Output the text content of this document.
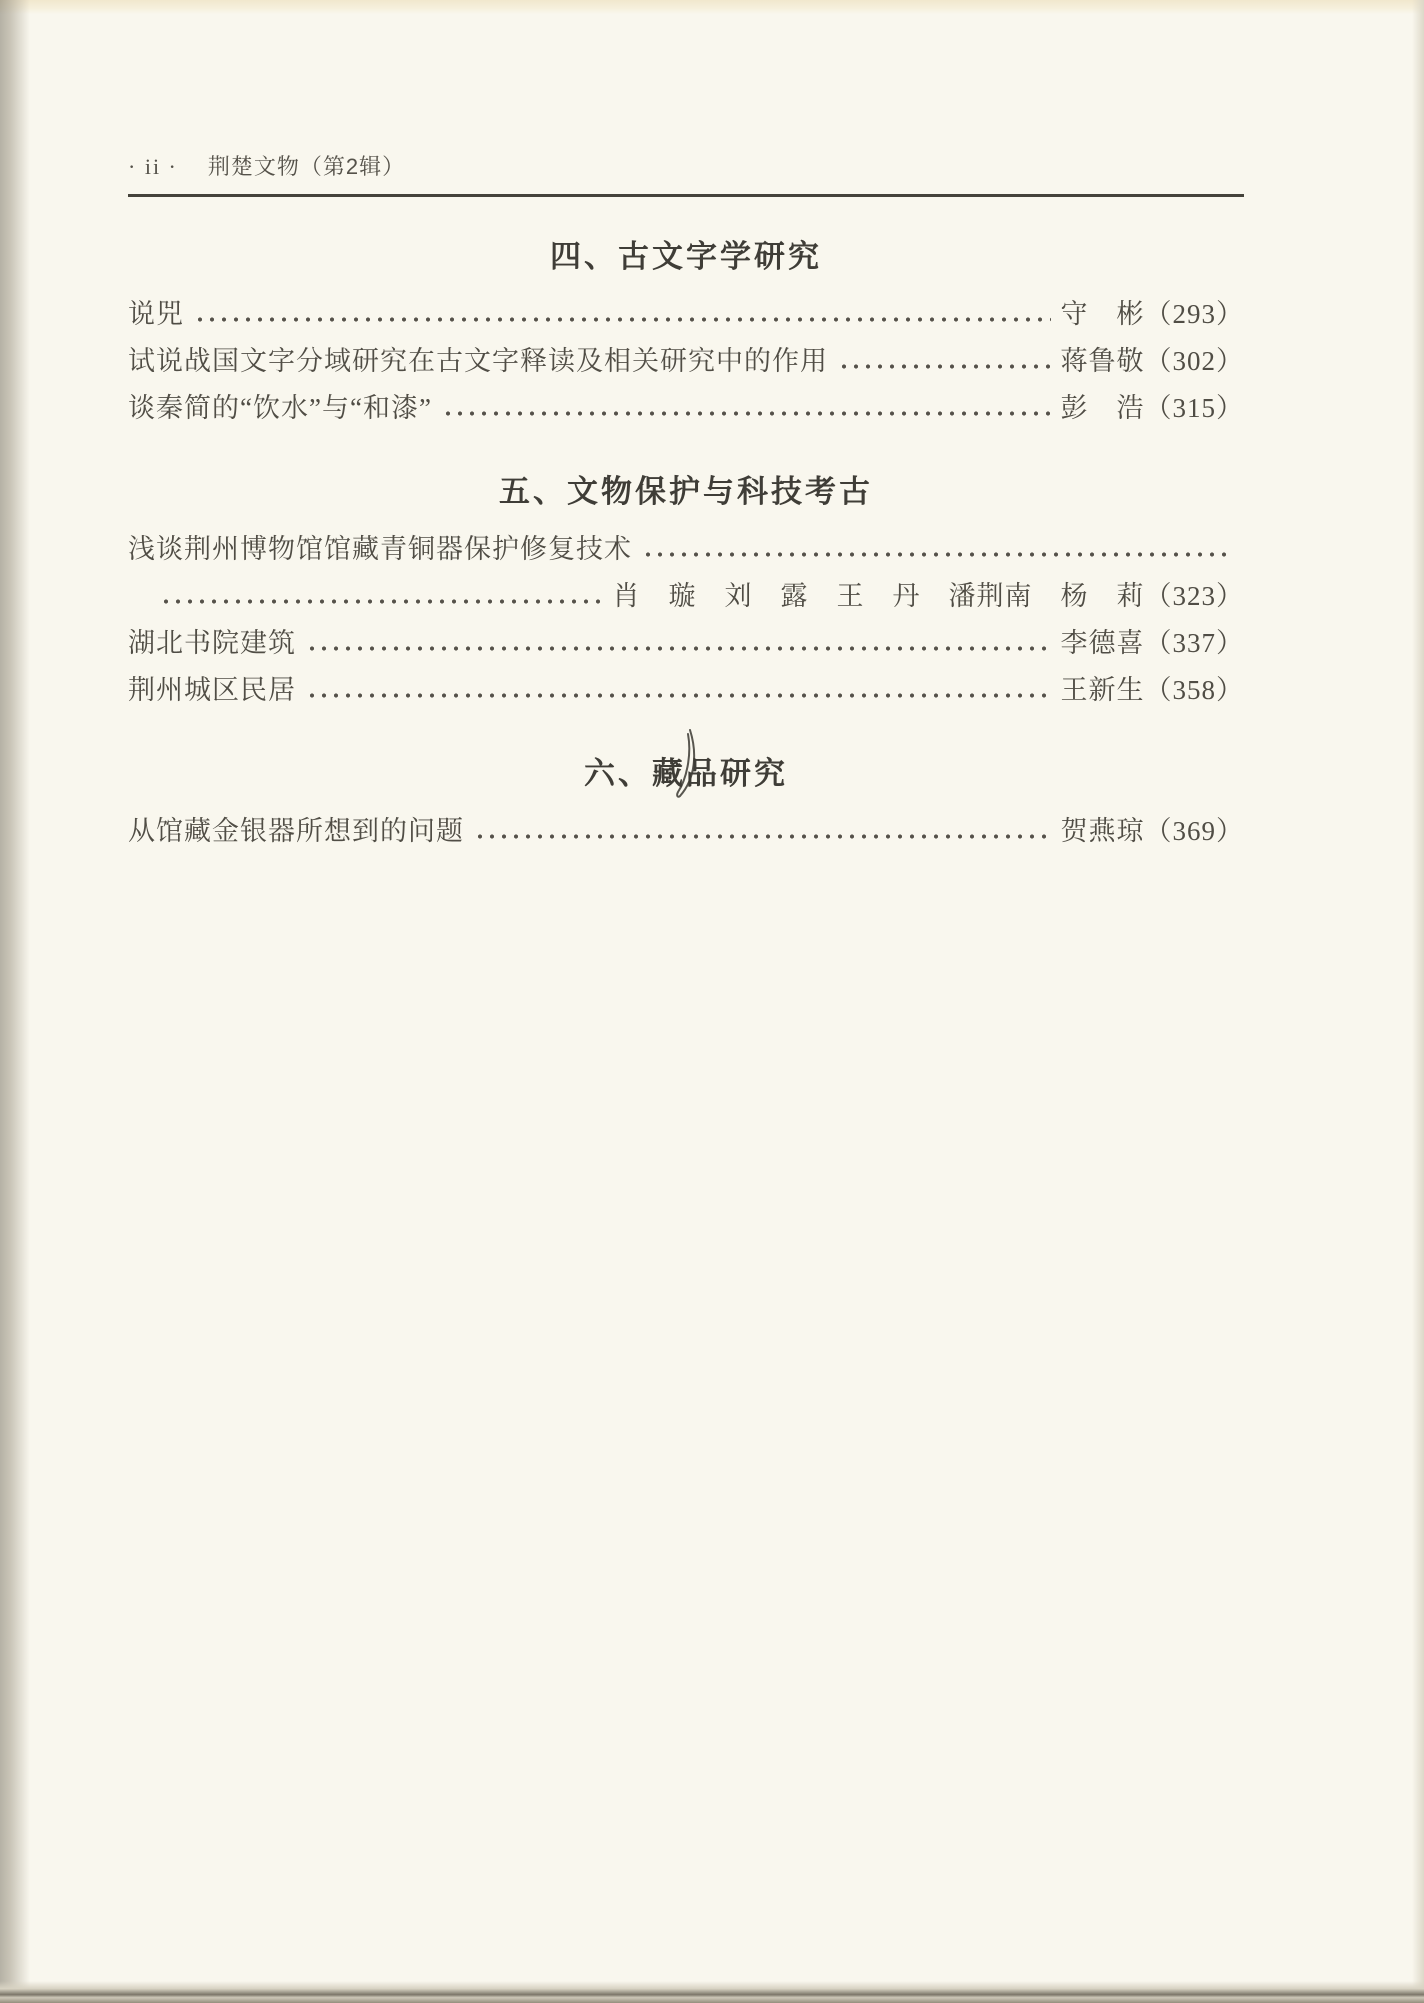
· ii · 荆楚文物（第2辑）
四、古文字学研究
说兕	守　彬 （293）
试说战国文字分域研究在古文字释读及相关研究中的作用	蒋鲁敬 （302）
谈秦简的“饮水”与“和漆”	彭　浩 （315）
五、文物保护与科技考古
浅谈荆州博物馆馆藏青铜器保护修复技术
肖　璇　刘　露　王　丹　潘荆南　杨　莉 （323）
湖北书院建筑	李德喜 （337）
荆州城区民居	王新生 （358）
六、藏品研究
从馆藏金银器所想到的问题	贺燕琼 （369）
